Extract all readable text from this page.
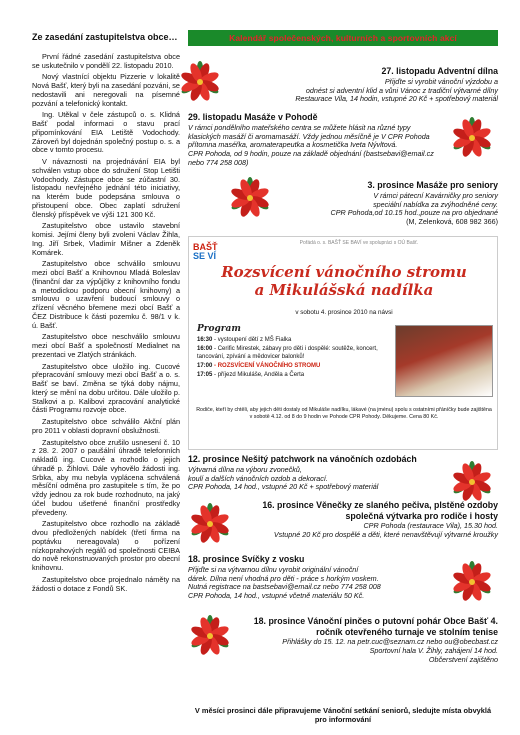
Ze zasedání zastupitelstva obce…

První řádné zasedání zastupitelstva obce se uskutečnilo v pondělí 22. listopadu 2010.

Nový vlastnící objektu Pizzerie v lokalitě Nová Bašť, který byli na zasedání pozváni, se nedostavili ani neregovali na písemné pozvání a telefonický kontakt.

Ing. Utěkal v čele zástupců o. s. Klidná Bašť podal informaci o stavu prací připomínkování EIA Letiště Vodochody. Zároveň byl dojednán společný postup o. s. a obce v tomto procesu.

V návaznosti na projednávání EIA byl schválen vstup obce do sdružení Stop Letišti Vodochody. Zástupce obce se zúčastní 30. listopadu nevřejného jednání této iniciativy, na kterém bude podepsána smlouva o přistoupení obce. Obec zaplatí sdružení členský příspěvek ve výši 121 300 Kč.

Zastupitelstvo obce ustavilo stavební komisi. Jejími členy byli zvoleni Václav Žihla, Ing. Jiří Srbek, Vladimír Mišner a Zdeněk Komárek.

Zastupitelstvo obce schválilo smlouvu mezi obcí Bašť a Knihovnou Mladá Boleslav (finanční dar za výpůjčky z knihovního fondu a metodickou podporu obecní knihovny) a smlouvu o uzavření budoucí smlouvy o zřízení věcného břemene mezi obcí Bašť a ČEZ Distribuce k části pozemku č. 98/1 v k. ú. Bašť.

Zastupitelstvo obce neschválilo smlouvu mezi obcí Bašť a společností Medialnet na prezentaci ve Zlatých stránkách.

Zastupitelstvo obce uložilo ing. Cucové přepracování smlouvy mezi obcí Bašť a o. s. Bašť se baví. Změna se týká doby nájmu, který se mění na dobu určitou. Dále uložilo p. Stalkovi a p. Kalibovi zpracování analytické části Programu rozvoje obce.

Zastupitelstvo obce schválilo Akční plán pro 2011 v oblasti dopravní obslužnosti.

Zastupitelstvo obce zrušilo usnesení č. 10 z 28. 2. 2007 o paušální úhradě telefonních nákladů ing. Cucové a rozhodlo o jejich úhradě p. Žihlovi. Dále vyhovělo žádosti ing. Srbka, aby mu nebyla vyplácena schválená měsíční odměna pro zastupitele s tím, že po vždy jednou za rok bude rozhodnuto, na jaký účel budou ušetřené finanční prostředky převedeny.

Zastupitelstvo obce rozhodlo na základě dvou předložených nabídek (třetí firma na poptávku nereagovala) o pořízení nízkoprahových regálů od společnosti CEIBA do nově rekonstruovaných prostor pro obecní knihovnu.

Zastupitelstvo obce projednalo náměty na žádosti o dotace z Fondů SK.

Kalendář společenských, kulturních a sportovních akcí
27. listopadu Adventní dílna
Přijďte si vyrobit vánoční výzdobu a
odnést si adventní klid a vůni Vánoc z tradiční výtvarné dílny
Restaurace Vila, 14 hodin, vstupné 20 Kč + spotřebový materiál
29. listopadu Masáže v Pohodě
V rámci pondělního mateřského centra se můžete hlásit na různé typy
klasických masáží či aromamasáží. Vždy jednou měsíčně je V CPR Pohoda přítomna maséřka, aromaterapeutka a kosmetička Iveta Nývltová.
CPR Pohoda, od 9 hodin, pouze na základě objednání (bastsebavi@email.cz nebo 774 258 008)
3. prosince Masáže pro seniory
V rámci pátecní Kavárničky pro seniory
speciální nabídka za zvýhodněné ceny.
CPR Pohoda,od 10.15 hod.,pouze na pro objednané
(M, Zelenková, 608 982 366)
BAŠŤ
SE VÍ
Pořádá o. s. BAŠŤ SE BAVÍ ve spolupráci s OÚ Bašť.
Rozsvícení vánočního stromu
a Mikulášská nadílka
v sobotu 4. prosince 2010 na návsi
Program
16:30 - vystoupení dětí z MŠ Fialka
16:00 - Cerific Mirestek, zábavy pro děti i dospělé: soutěže, koncert, tancování, zpívání a mědovicer balonků!
17:00 - ROZSVÍCENÍ VÁNOČNÍHO STROMU
17:05 - příjezd Mikuláše, Anděla a Čerta
Rodiče, kteří by chtěli, aby jejich děti dostaly od Mikuláše nadílku, lákavé (na jménu) spolu s ostatními přáníčky bude zajištěna v sobotě 4.12. od 8 do 9 hodin ve Pohode CPR Pohody. Děkujeme. Cena 80 Kč.
12. prosince Nešitý patchwork na vánočních ozdobách
Výtvarná dílna na výboru zvonečků,
koulí a dalších vánočních ozdob a dekorací.
CPR Pohoda, 14 hod., vstupné 20 Kč + spotřebový materiál
16. prosince Věnečky ze slaného pečiva, plstěné ozdoby společná výtvarka pro rodiče i hosty
CPR Pohoda (restaurace Vila), 15.30 hod.
Vstupné 20 Kč pro dospělé a děti, které nenavštěvují výtvarné kroužky
18. prosince Svíčky z vosku
Přijďte si na výtvarnou dílnu vyrobit originální vánoční
dárek. Dílna není vhodná pro děti - práce s horkým voskem.
Nutná registrace na bastsebavi@email.cz nebo 774 258 008
CPR Pohoda, 14 hod., vstupné včetně materiálu 50 Kč.
18. prosince Vánoční pinčes o putovní pohár Obce Bašť 4. ročník otevřeného turnaje ve stolním tenise
Přihlášky do 15. 12. na petr.cuc@seznam.cz nebo ou@obecbast.cz
Sportovní hala V. Žihly, zahájení 14 hod.
Občerstvení zajištěno
V měsíci prosinci dále připravujeme Vánoční setkání seniorů, sledujte místa obvyklá pro informování
